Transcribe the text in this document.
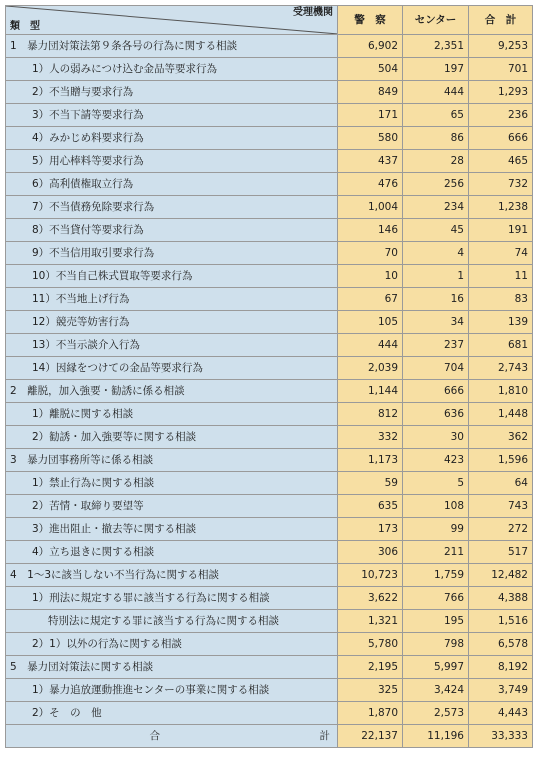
受理機関
類　型	警　察	センター	合　計
1　暴力団対策法第９条各号の行為に関する相談	6,902	2,351	9,253
1）人の弱みにつけ込む金品等要求行為	504	197	701
2）不当贈与要求行為	849	444	1,293
3）不当下請等要求行為	171	65	236
4）みかじめ料要求行為	580	86	666
5）用心棒料等要求行為	437	28	465
6）高利債権取立行為	476	256	732
7）不当債務免除要求行為	1,004	234	1,238
8）不当貸付等要求行為	146	45	191
9）不当信用取引要求行為	70	4	74
10）不当自己株式買取等要求行為	10	1	11
11）不当地上げ行為	67	16	83
12）競売等妨害行為	105	34	139
13）不当示談介入行為	444	237	681
14）因縁をつけての金品等要求行為	2,039	704	2,743
2　離脱，加入強要・勧誘に係る相談	1,144	666	1,810
1）離脱に関する相談	812	636	1,448
2）勧誘・加入強要等に関する相談	332	30	362
3　暴力団事務所等に係る相談	1,173	423	1,596
1）禁止行為に関する相談	59	5	64
2）苦情・取締り要望等	635	108	743
3）進出阻止・撤去等に関する相談	173	99	272
4）立ち退きに関する相談	306	211	517
4　1～3に該当しない不当行為に関する相談	10,723	1,759	12,482
1）刑法に規定する罪に該当する行為に関する相談	3,622	766	4,388
特別法に規定する罪に該当する行為に関する相談	1,321	195	1,516
2）1）以外の行為に関する相談	5,780	798	6,578
5　暴力団対策法に関する相談	2,195	5,997	8,192
1）暴力追放運動推進センターの事業に関する相談	325	3,424	3,749
2）そ　の　他	1,870	2,573	4,443
合 計	22,137	11,196	33,333
